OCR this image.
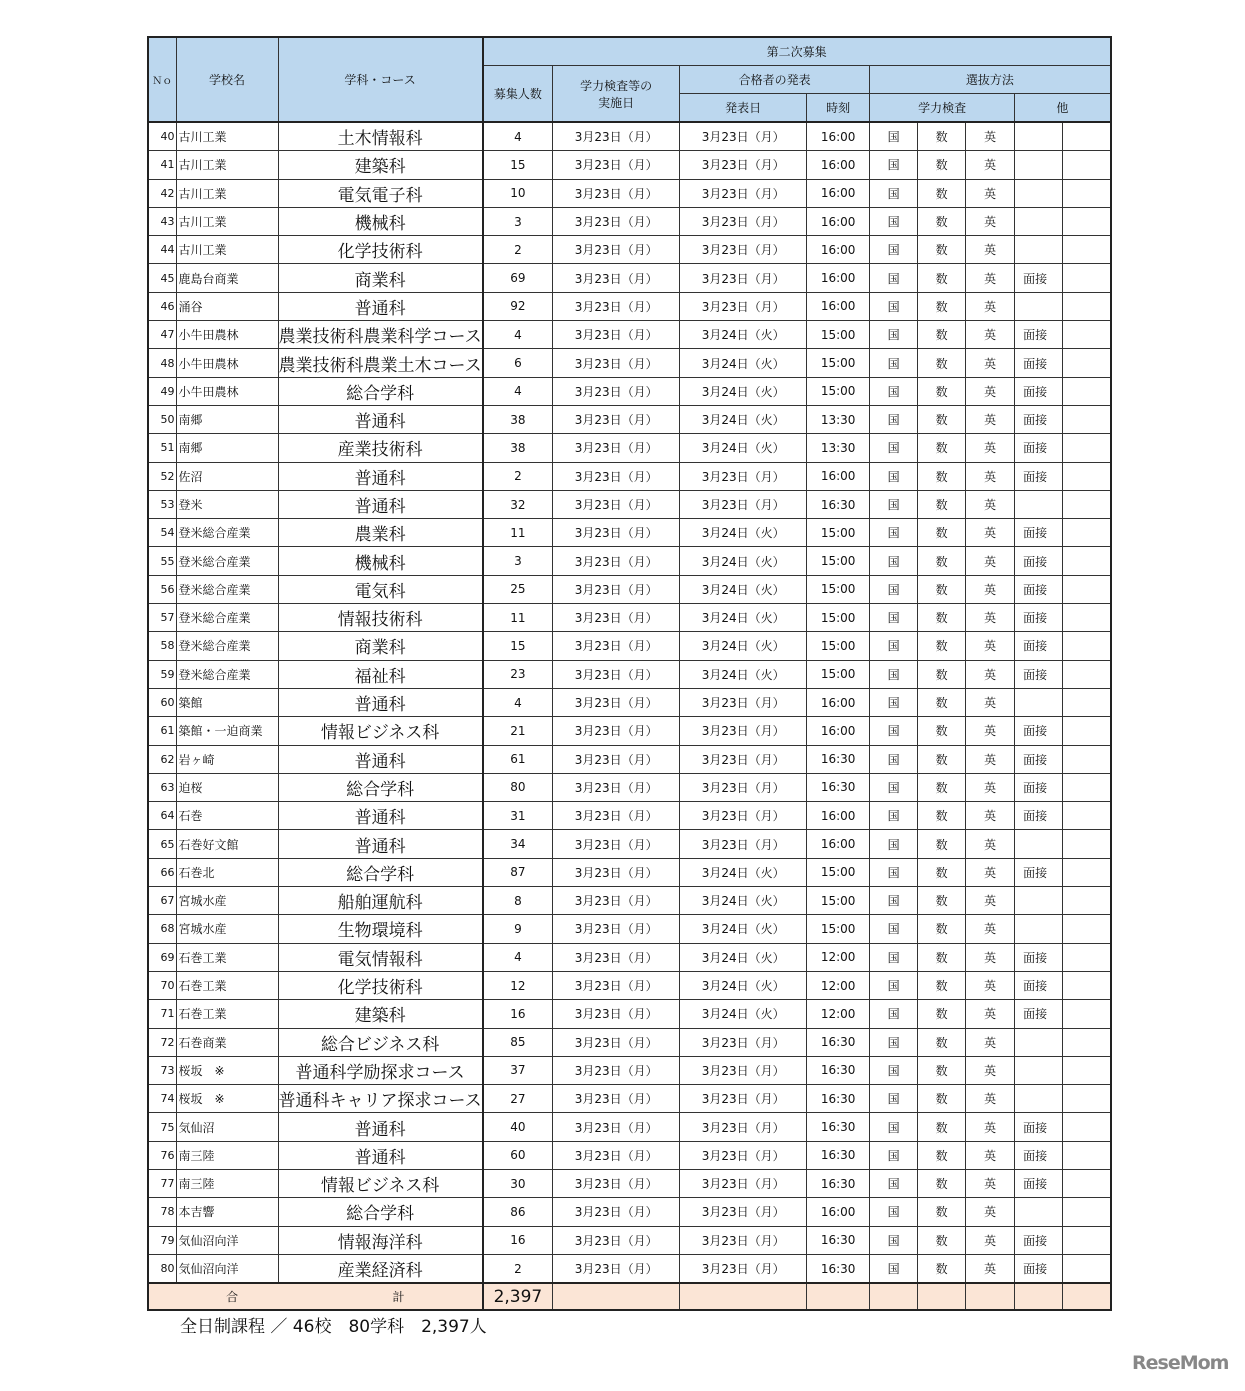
Ｎｏ	学校名	学科・コース	第二次募集								
			募集人数	学力検査等の実施日	合格者の発表		選抜方法				
					発表日	時刻	学力検査			他	
40	古川工業	土木情報科	4	3月23日（月）	3月23日（月）	16:00	国	数	英		
41	古川工業	建築科	15	3月23日（月）	3月23日（月）	16:00	国	数	英		
42	古川工業	電気電子科	10	3月23日（月）	3月23日（月）	16:00	国	数	英		
43	古川工業	機械科	3	3月23日（月）	3月23日（月）	16:00	国	数	英		
44	古川工業	化学技術科	2	3月23日（月）	3月23日（月）	16:00	国	数	英		
45	鹿島台商業	商業科	69	3月23日（月）	3月23日（月）	16:00	国	数	英	面接	
46	涌谷	普通科	92	3月23日（月）	3月23日（月）	16:00	国	数	英		
47	小牛田農林	農業技術科農業科学コース	4	3月23日（月）	3月24日（火）	15:00	国	数	英	面接	
48	小牛田農林	農業技術科農業土木コース	6	3月23日（月）	3月24日（火）	15:00	国	数	英	面接	
49	小牛田農林	総合学科	4	3月23日（月）	3月24日（火）	15:00	国	数	英	面接	
50	南郷	普通科	38	3月23日（月）	3月24日（火）	13:30	国	数	英	面接	
51	南郷	産業技術科	38	3月23日（月）	3月24日（火）	13:30	国	数	英	面接	
52	佐沼	普通科	2	3月23日（月）	3月23日（月）	16:00	国	数	英	面接	
53	登米	普通科	32	3月23日（月）	3月23日（月）	16:30	国	数	英		
54	登米総合産業	農業科	11	3月23日（月）	3月24日（火）	15:00	国	数	英	面接	
55	登米総合産業	機械科	3	3月23日（月）	3月24日（火）	15:00	国	数	英	面接	
56	登米総合産業	電気科	25	3月23日（月）	3月24日（火）	15:00	国	数	英	面接	
57	登米総合産業	情報技術科	11	3月23日（月）	3月24日（火）	15:00	国	数	英	面接	
58	登米総合産業	商業科	15	3月23日（月）	3月24日（火）	15:00	国	数	英	面接	
59	登米総合産業	福祉科	23	3月23日（月）	3月24日（火）	15:00	国	数	英	面接	
60	築館	普通科	4	3月23日（月）	3月23日（月）	16:00	国	数	英		
61	築館・一迫商業	情報ビジネス科	21	3月23日（月）	3月23日（月）	16:00	国	数	英	面接	
62	岩ヶ崎	普通科	61	3月23日（月）	3月23日（月）	16:30	国	数	英	面接	
63	迫桜	総合学科	80	3月23日（月）	3月23日（月）	16:30	国	数	英	面接	
64	石巻	普通科	31	3月23日（月）	3月23日（月）	16:00	国	数	英	面接	
65	石巻好文館	普通科	34	3月23日（月）	3月23日（月）	16:00	国	数	英		
66	石巻北	総合学科	87	3月23日（月）	3月24日（火）	15:00	国	数	英	面接	
67	宮城水産	船舶運航科	8	3月23日（月）	3月24日（火）	15:00	国	数	英		
68	宮城水産	生物環境科	9	3月23日（月）	3月24日（火）	15:00	国	数	英		
69	石巻工業	電気情報科	4	3月23日（月）	3月24日（火）	12:00	国	数	英	面接	
70	石巻工業	化学技術科	12	3月23日（月）	3月24日（火）	12:00	国	数	英	面接	
71	石巻工業	建築科	16	3月23日（月）	3月24日（火）	12:00	国	数	英	面接	
72	石巻商業	総合ビジネス科	85	3月23日（月）	3月23日（月）	16:30	国	数	英		
73	桜坂　※	普通科学励探求コース	37	3月23日（月）	3月23日（月）	16:30	国	数	英		
74	桜坂　※	普通科キャリア探求コース	27	3月23日（月）	3月23日（月）	16:30	国	数	英		
75	気仙沼	普通科	40	3月23日（月）	3月23日（月）	16:30	国	数	英	面接	
76	南三陸	普通科	60	3月23日（月）	3月23日（月）	16:30	国	数	英	面接	
77	南三陸	情報ビジネス科	30	3月23日（月）	3月23日（月）	16:30	国	数	英	面接	
78	本吉響	総合学科	86	3月23日（月）	3月23日（月）	16:00	国	数	英		
79	気仙沼向洋	情報海洋科	16	3月23日（月）	3月23日（月）	16:30	国	数	英	面接	
80	気仙沼向洋	産業経済科	2	3月23日（月）	3月23日（月）	16:30	国	数	英	面接	

合 計			2,397								
全日制課程 ／ 46校　80学科　2,397人
ReseMom
